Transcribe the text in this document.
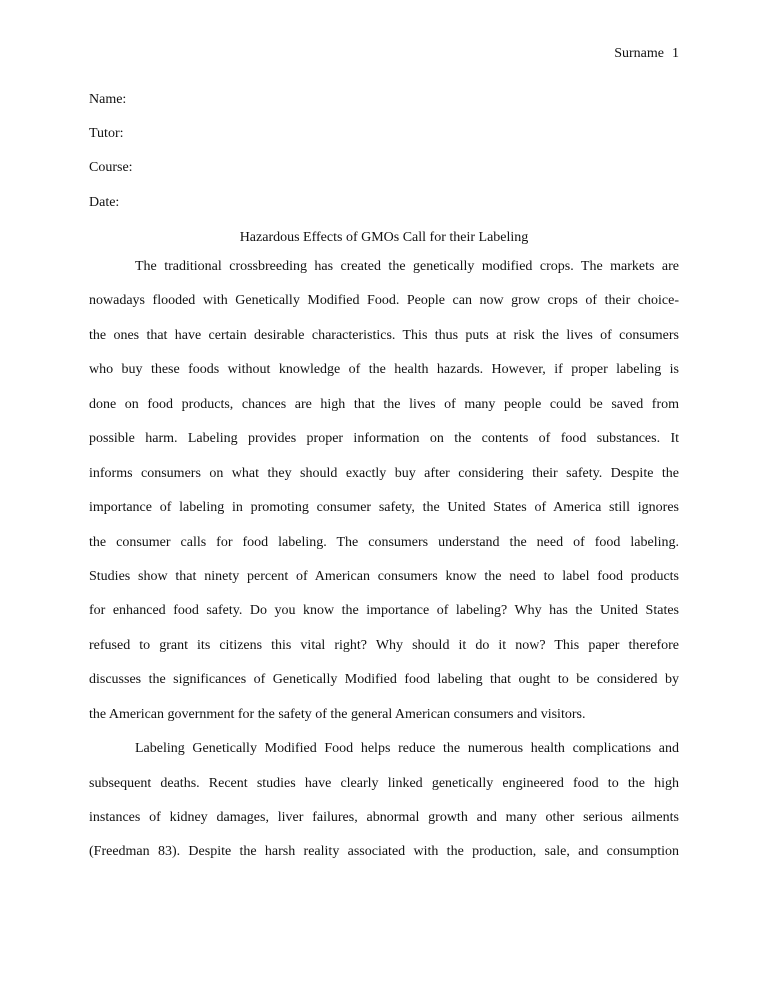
Surname 1
Name:
Tutor:
Course:
Date:
Hazardous Effects of GMOs Call for their Labeling
The traditional crossbreeding has created the genetically modified crops. The markets are
nowadays flooded with Genetically Modified Food. People can now grow crops of their choice-
the ones that have certain desirable characteristics. This thus puts at risk the lives of consumers
who buy these foods without knowledge of the health hazards. However, if proper labeling is
done on food products, chances are high that the lives of many people could be saved from
possible harm. Labeling provides proper information on the contents of food substances. It
informs consumers on what they should exactly buy after considering their safety. Despite the
importance of labeling in promoting consumer safety, the United States of America still ignores
the consumer calls for food labeling. The consumers understand the need of food labeling.
Studies show that ninety percent of American consumers know the need to label food products
for enhanced food safety. Do you know the importance of labeling? Why has the United States
refused to grant its citizens this vital right? Why should it do it now? This paper therefore
discusses the significances of Genetically Modified food labeling that ought to be considered by
the American government for the safety of the general American consumers and visitors.
Labeling Genetically Modified Food helps reduce the numerous health complications and
subsequent deaths. Recent studies have clearly linked genetically engineered food to the high
instances of kidney damages, liver failures, abnormal growth and many other serious ailments
(Freedman 83). Despite the harsh reality associated with the production, sale, and consumption
